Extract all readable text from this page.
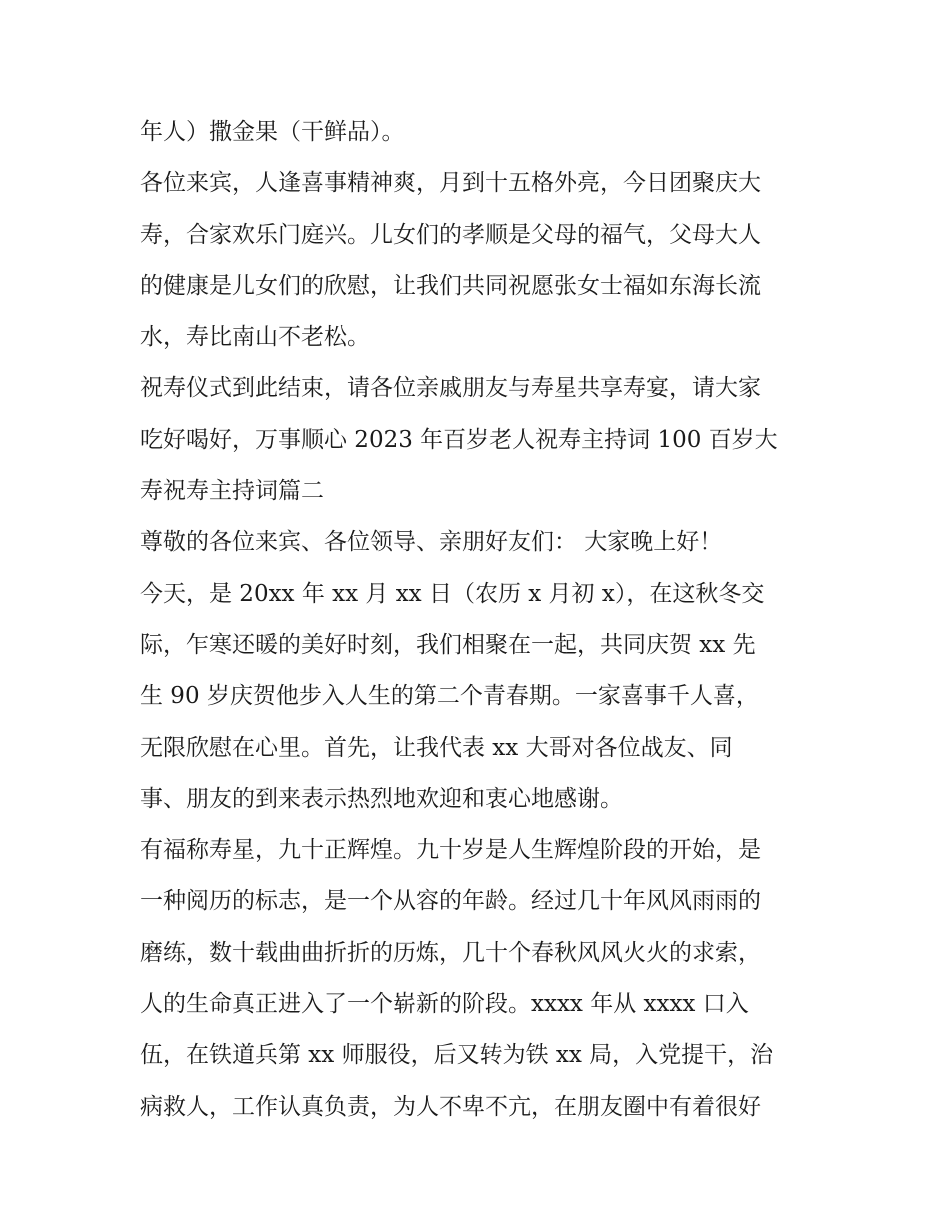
年人）撒金果（干鲜品）。
各位来宾，人逢喜事精神爽，月到十五格外亮，今日团聚庆大
寿，合家欢乐门庭兴。儿女们的孝顺是父母的福气，父母大人
的健康是儿女们的欣慰，让我们共同祝愿张女士福如东海长流
水，寿比南山不老松。
祝寿仪式到此结束，请各位亲戚朋友与寿星共享寿宴，请大家
吃好喝好，万事顺心 2023 年百岁老人祝寿主持词 100 百岁大
寿祝寿主持词篇二
尊敬的各位来宾、各位领导、亲朋好友们： 大家晚上好！
今天，是 20xx 年 xx 月 xx 日（农历 x 月初 x），在这秋冬交
际，乍寒还暖的美好时刻，我们相聚在一起，共同庆贺 xx 先
生 90 岁庆贺他步入人生的第二个青春期。一家喜事千人喜，
无限欣慰在心里。首先，让我代表 xx 大哥对各位战友、同
事、朋友的到来表示热烈地欢迎和衷心地感谢。
有福称寿星，九十正辉煌。九十岁是人生辉煌阶段的开始，是
一种阅历的标志，是一个从容的年龄。经过几十年风风雨雨的
磨练，数十载曲曲折折的历炼，几十个春秋风风火火的求索，
人的生命真正进入了一个崭新的阶段。xxxx 年从 xxxx 口入
伍，在铁道兵第 xx 师服役，后又转为铁 xx 局，入党提干，治
病救人，工作认真负责，为人不卑不亢，在朋友圈中有着很好
